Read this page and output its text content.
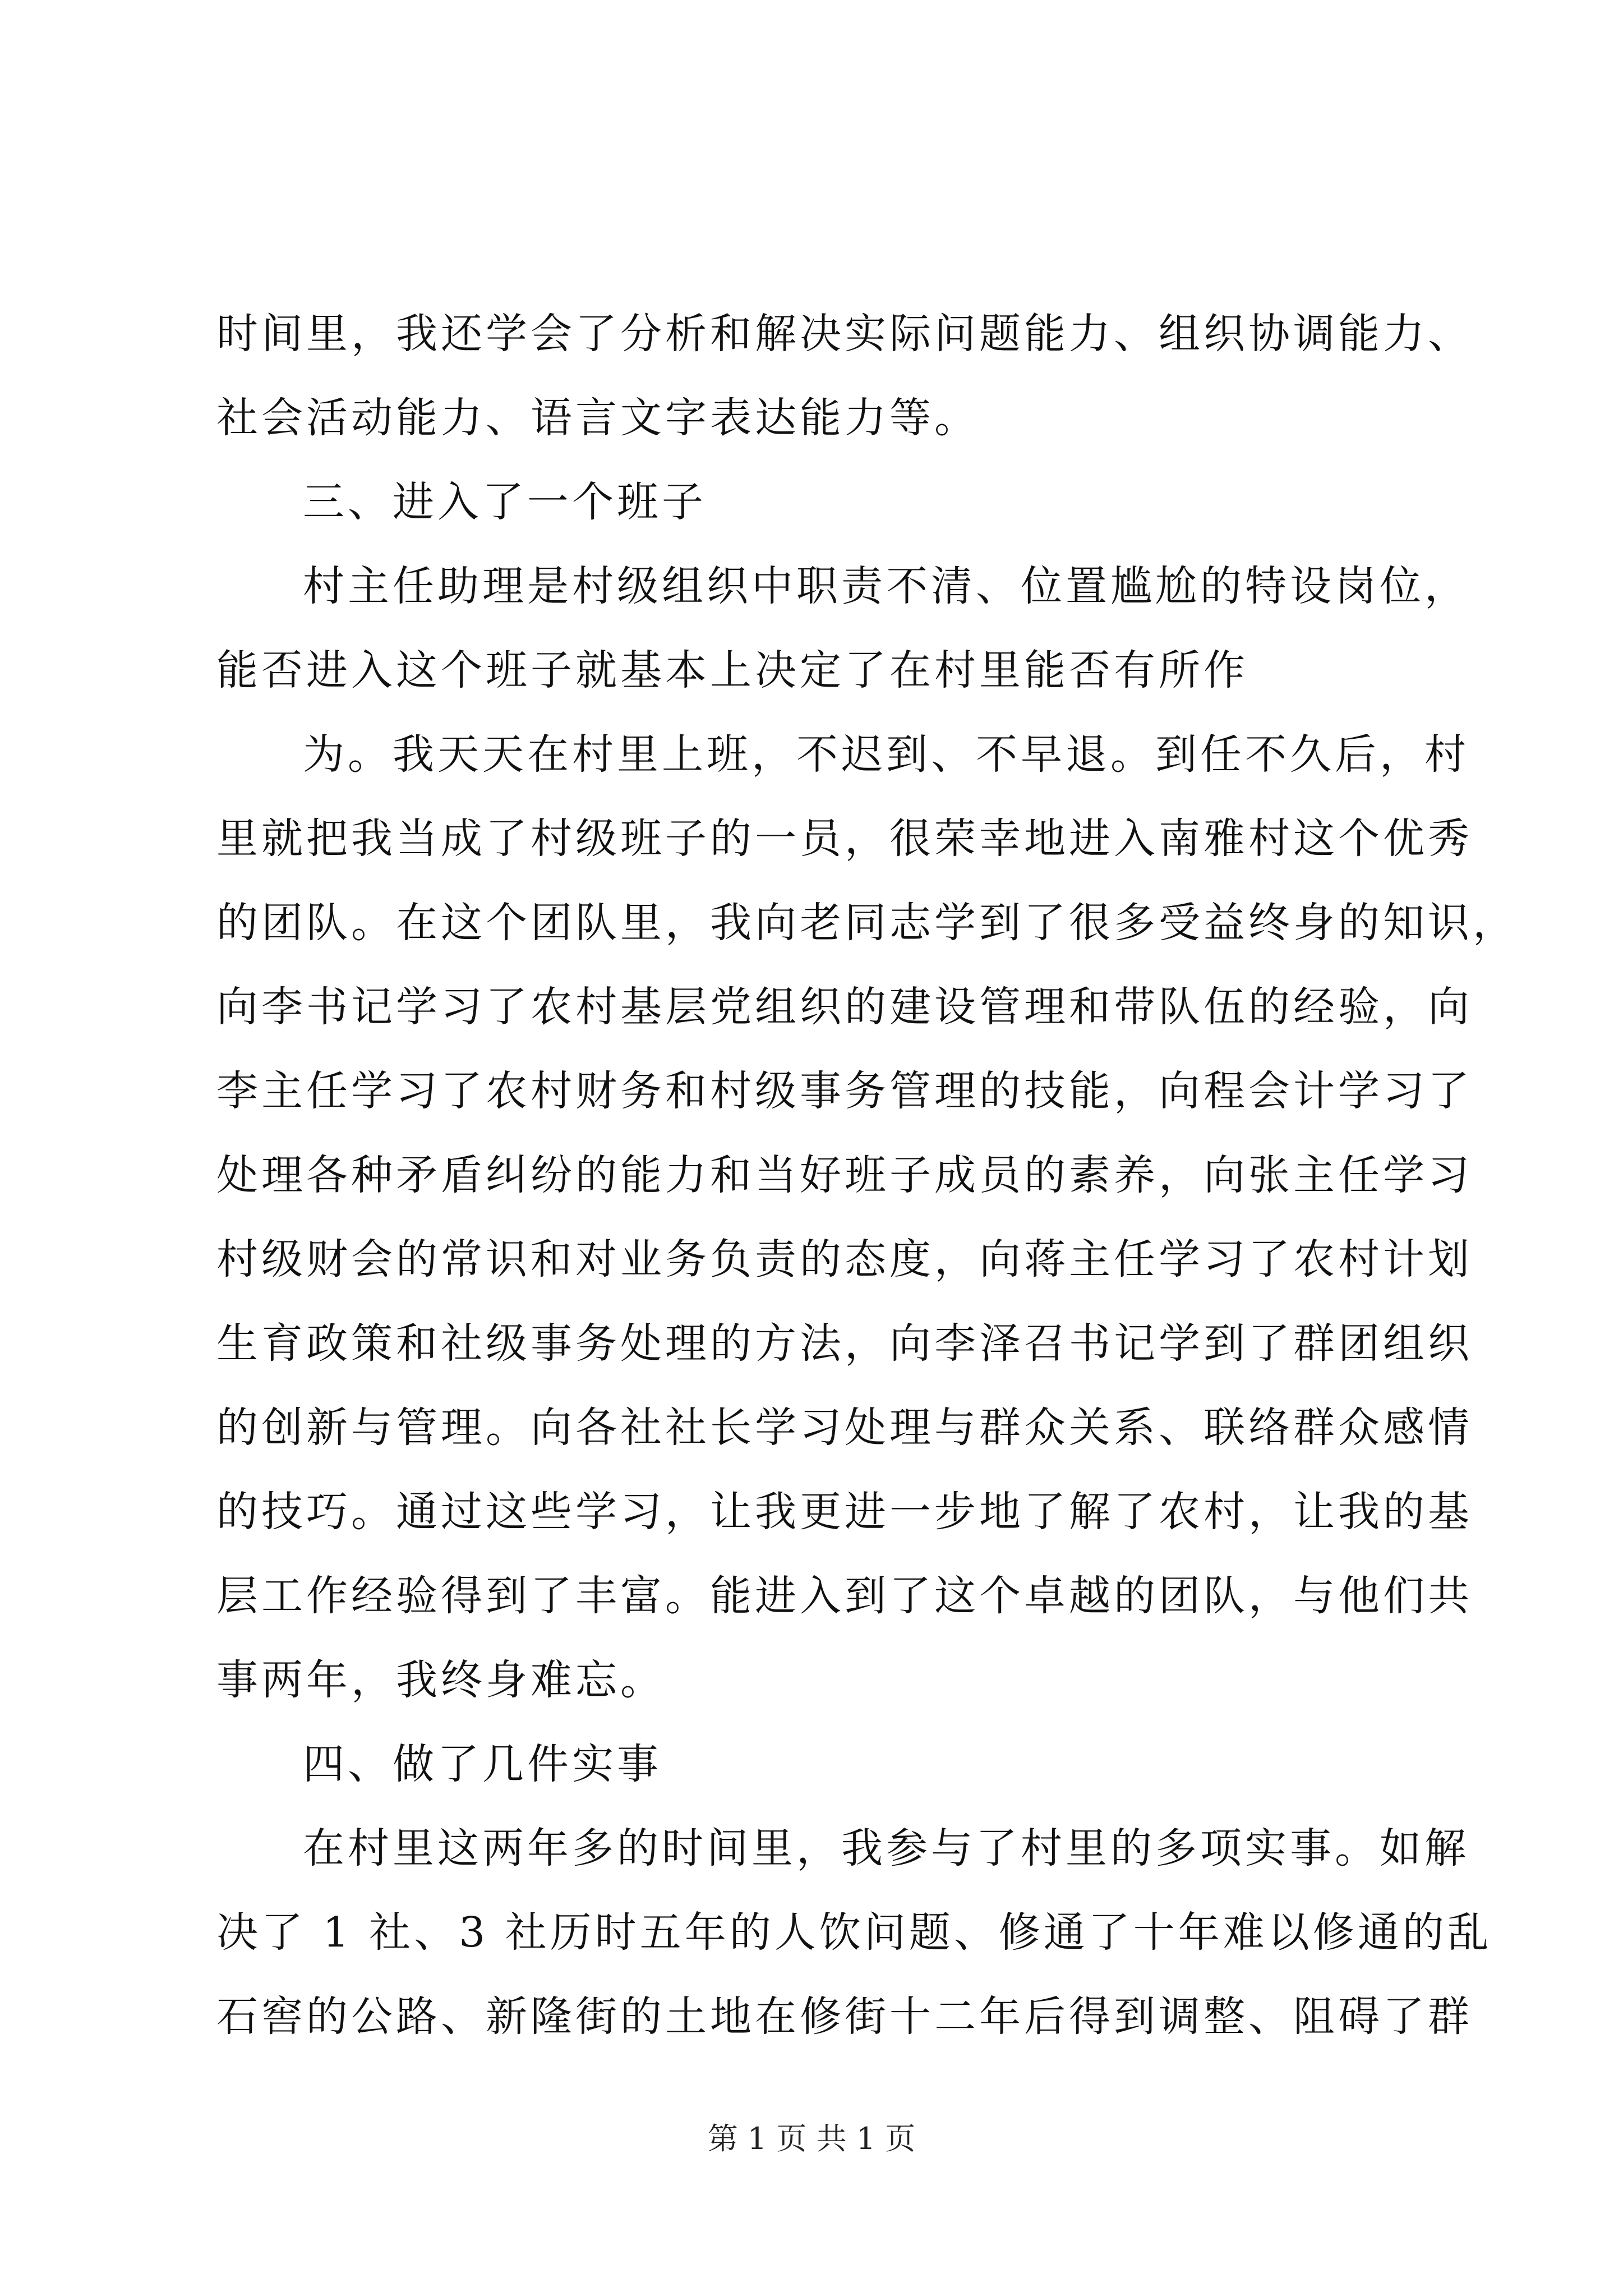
时间里，我还学会了分析和解决实际问题能力、组织协调能力、
社会活动能力、语言文字表达能力等。
三、进入了一个班子
村主任助理是村级组织中职责不清、位置尴尬的特设岗位，
能否进入这个班子就基本上决定了在村里能否有所作
为。我天天在村里上班，不迟到、不早退。到任不久后，村
里就把我当成了村级班子的一员，很荣幸地进入南雅村这个优秀
的团队。在这个团队里，我向老同志学到了很多受益终身的知识，
向李书记学习了农村基层党组织的建设管理和带队伍的经验，向
李主任学习了农村财务和村级事务管理的技能，向程会计学习了
处理各种矛盾纠纷的能力和当好班子成员的素养，向张主任学习
村级财会的常识和对业务负责的态度，向蒋主任学习了农村计划
生育政策和社级事务处理的方法，向李泽召书记学到了群团组织
的创新与管理。向各社社长学习处理与群众关系、联络群众感情
的技巧。通过这些学习，让我更进一步地了解了农村，让我的基
层工作经验得到了丰富。能进入到了这个卓越的团队，与他们共
事两年，我终身难忘。
四、做了几件实事
在村里这两年多的时间里，我参与了村里的多项实事。如解
决了 1 社、3 社历时五年的人饮问题、修通了十年难以修通的乱
石窖的公路、新隆街的土地在修街十二年后得到调整、阻碍了群
第 1 页 共 1 页
